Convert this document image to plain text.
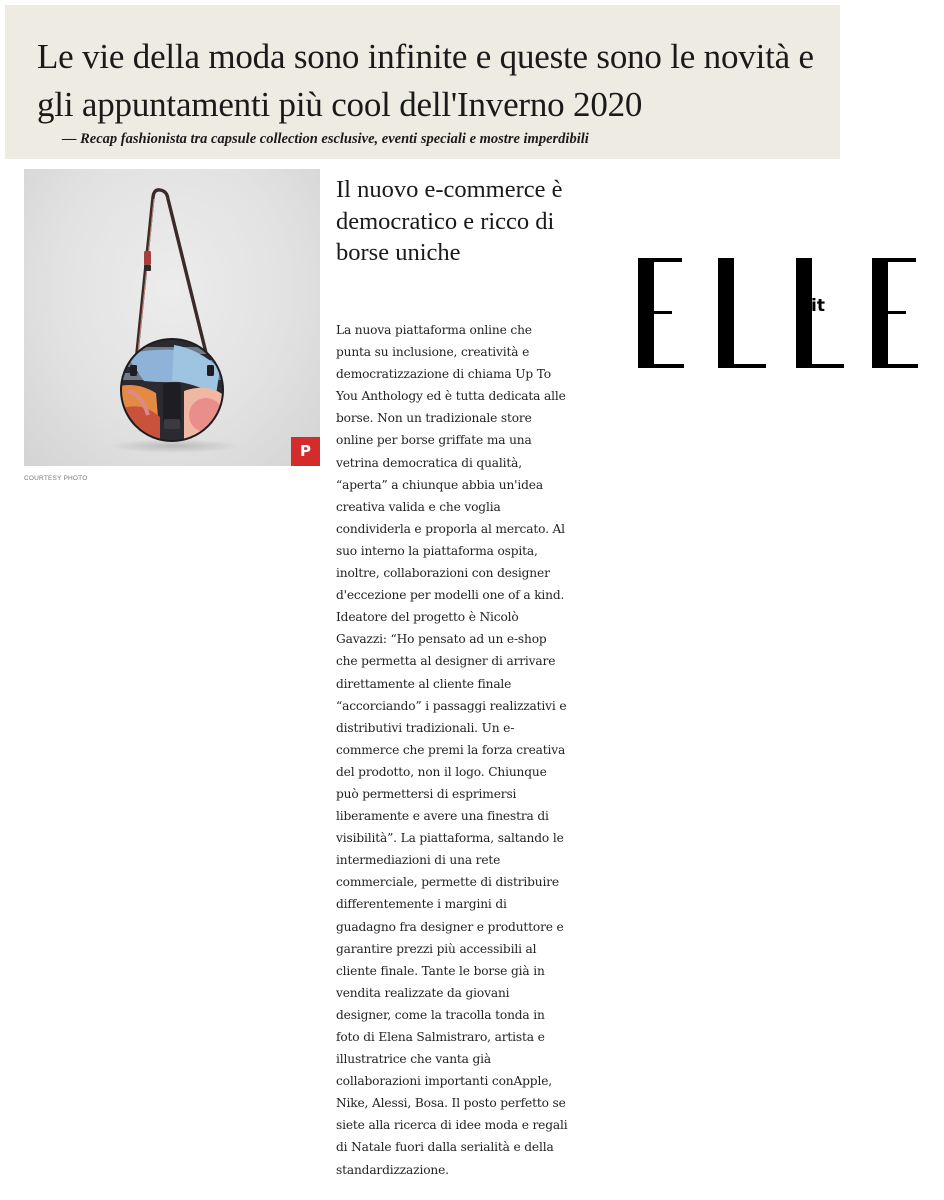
Le vie della moda sono infinite e queste sono le novità e gli appuntamenti più cool dell'Inverno 2020

— Recap fashionista tra capsule collection esclusive, eventi speciali e mostre imperdibili

P

COURTESY PHOTO

Il nuovo e-commerce è democratico e ricco di borse uniche

La nuova piattaforma online che punta su inclusione, creatività e democratizzazione di chiama Up To You Anthology ed è tutta dedicata alle borse. Non un tradizionale store online per borse griffate ma una vetrina democratica di qualità, “aperta” a chiunque abbia un'idea creativa valida e che voglia condividerla e proporla al mercato. Al suo interno la piattaforma ospita, inoltre, collaborazioni con designer d'eccezione per modelli one of a kind. Ideatore del progetto è Nicolò Gavazzi: “Ho pensato ad un e-shop che permetta al designer di arrivare direttamente al cliente finale “accorciando” i passaggi realizzativi e distributivi tradizionali. Un e-commerce che premi la forza creativa del prodotto, non il logo. Chiunque può permettersi di esprimersi liberamente e avere una finestra di visibilità”. La piattaforma, saltando le intermediazioni di una rete commerciale, permette di distribuire differentemente i margini di guadagno fra designer e produttore e garantire prezzi più accessibili al cliente finale. Tante le borse già in vendita realizzate da giovani designer, come la tracolla tonda in foto di Elena Salmistraro, artista e illustratrice che vanta già collaborazioni importanti conApple, Nike, Alessi, Bosa. Il posto perfetto se siete alla ricerca di idee moda e regali di Natale fuori dalla serialità e della standardizzazione.

it
